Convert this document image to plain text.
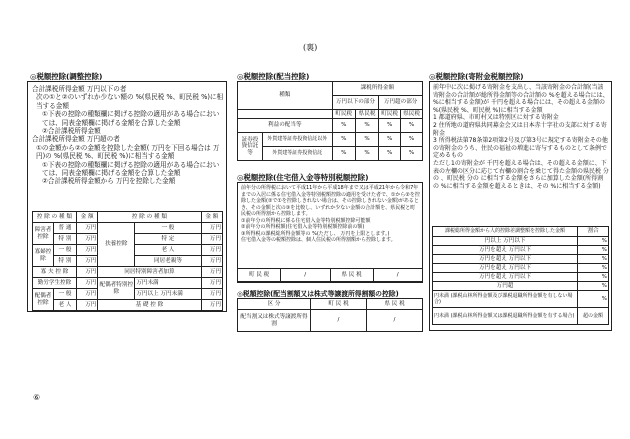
(裏)
◎税額控除(調整控除)

合計課税所得金額 万円以下の者

次の①と②のいずれか少ない額の %(県民税 %、町民税 %)に相当する金額

①下表の控除の種類欄に掲げる控除の適用がある場合においては、同表金額欄に掲げる金額を合算した金額

②合計課税所得金額

合計課税所得金額 万円超の者

①の金額から②の金額を控除した金額( 万円を下回る場合は 万円)の %(県民税 %、町民税 %)に相当する金額

①下表の控除の種類欄に掲げる控除の適用がある場合においては、同表金額欄に掲げる金額を合算した金額

②合計課税所得金額から 万円を控除した金額

控 除 の 種 類		金 額	控 除 の 種 類		金 額
障害者控除	普 通	万円	扶養控除	一 般	万円
	特 別	万円		特 定	万円
寡婦控除	一 般	万円		老 人	万円
	特 別	万円		同居老親等	万円
寡 夫 控 除		万円	同居特別障害者加算		万円
勤労学生控除		万円	配偶者特別控除	万円未満	万円
配偶者控除	一 般	万円		万円以上 万円未満	万円
	老 人	万円	基 礎 控 除		万円
⑥
◎税額控除(配当控除)
種類		課税所得金額			
		万円以下の部分		万円超の部分	
		町民税	県民税	町民税	県民税
利益の配当等		%	%	%	%
証券投資信託等	外貨建等証券投資信託以外	%	%	%	%
	外貨建等証券投資信託	%	%	%	%
◎税額控除(住宅借入金等特別税額控除)

前年分の所得税において平成11年から平成18年まで又は平成21年から令和7年までの入居に係る住宅借入金等特別税額控除の適用を受けた者で、①から②を控除した金額(②で①を控除しきれない場合は、その控除しきれない金額)があるとき、その金額と次の③を比較し、いずれか少ない金額の合計額を、県民税と町民税の所得割から控除します。

①前年分の所得税に係る住宅借入金等特別税額控除可能額

②前年分の所得税額(住宅借入金等特別税額控除前の額)

③所得税の課税総所得金額等の %(ただし、 万円を上限とします。)

住宅借入金等の税額控除は、個人住民税の所得割額から控除します。

町 民 税	/	県 民 税	/
◎税額控除(配当割額又は株式等譲渡所得割額の控除)
区 分	町 民 税	県 民 税
配当割又は株式等譲渡所得割	/	/
◎税額控除(寄附金税額控除)

前年中に次に掲げる寄附金を支出し、当該寄附金の合計額(当該寄附金の合計額が総所得金額等の合計額の %を超える場合には、 %に相当する金額)が 千円を超える場合には、その超える金額の %(県民税 %、町民税 %)に相当する金額

1 都道府県、市町村又は特別区に対する寄附金

2 住所地の道府県共同募金会又は日本赤十字社の支部に対する寄附金

3 所得税法第78条第2項第2号及び第3号に規定する寄附金その他の寄附金のうち、住民の福祉の増進に寄与するものとして条例で定めるもの

ただし1の寄附金が 千円を超える場合は、その超える金額に、下表の左欄の区分に応じて右欄の割合を乗じて得た金額の県民税 分の 、町民税 分の に相当する金額をさらに加算した金額(所得割の %に相当する金額を超えるときは、その %に相当する金額)

課税総所得金額から人的控除差調整額を控除した金額	割合
円以上 万円以下	%
万円を超え 万円以下	%
万円を超え 万円以下	%
万円を超え 万円以下	%
万円を超え 万円以下	%
万円超	%
円未満 (課税山林所得金額及び課税退職所得金額を有しない場合)	%
円未満 (課税山林所得金額又は課税退職所得金額を有する場合)	超の金額
